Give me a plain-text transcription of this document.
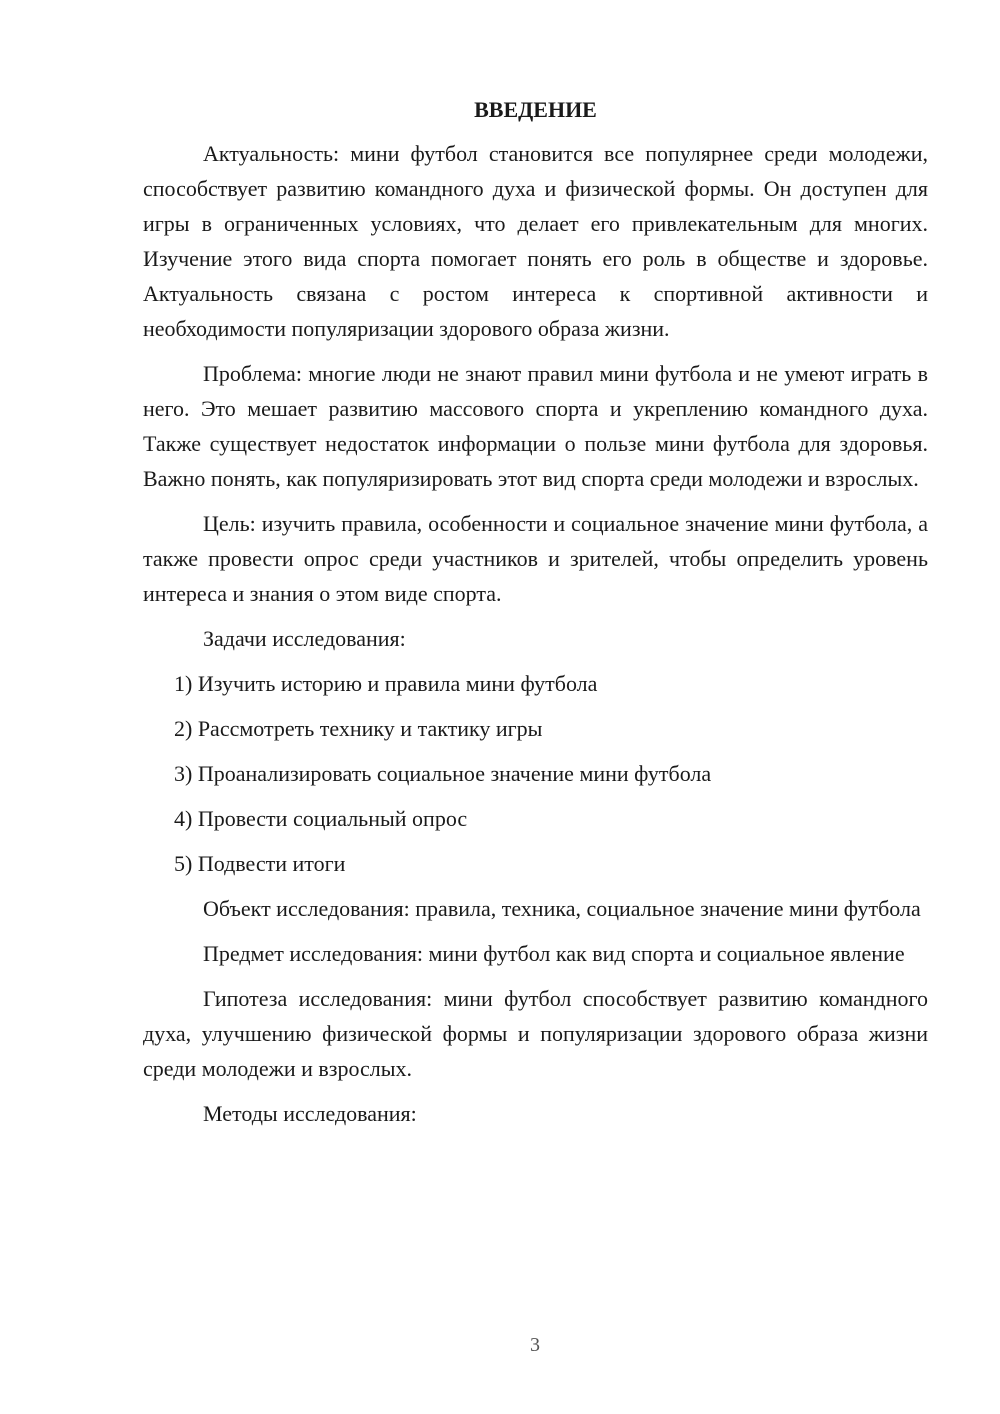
ВВЕДЕНИЕ

Актуальность: мини футбол становится все популярнее среди молодежи, способствует развитию командного духа и физической формы. Он доступен для игры в ограниченных условиях, что делает его привлекательным для многих. Изучение этого вида спорта помогает понять его роль в обществе и здоровье. Актуальность связана с ростом интереса к спортивной активности и необходимости популяризации здорового образа жизни.

Проблема: многие люди не знают правил мини футбола и не умеют играть в него. Это мешает развитию массового спорта и укреплению командного духа. Также существует недостаток информации о пользе мини футбола для здоровья. Важно понять, как популяризировать этот вид спорта среди молодежи и взрослых.

Цель: изучить правила, особенности и социальное значение мини футбола, а также провести опрос среди участников и зрителей, чтобы определить уровень интереса и знания о этом виде спорта.

Задачи исследования:

1) Изучить историю и правила мини футбола
2) Рассмотреть технику и тактику игры
3) Проанализировать социальное значение мини футбола
4) Провести социальный опрос
5) Подвести итоги

Объект исследования: правила, техника, социальное значение мини футбола

Предмет исследования: мини футбол как вид спорта и социальное явление

Гипотеза исследования: мини футбол способствует развитию командного духа, улучшению физической формы и популяризации здорового образа жизни среди молодежи и взрослых.

Методы исследования:

3
